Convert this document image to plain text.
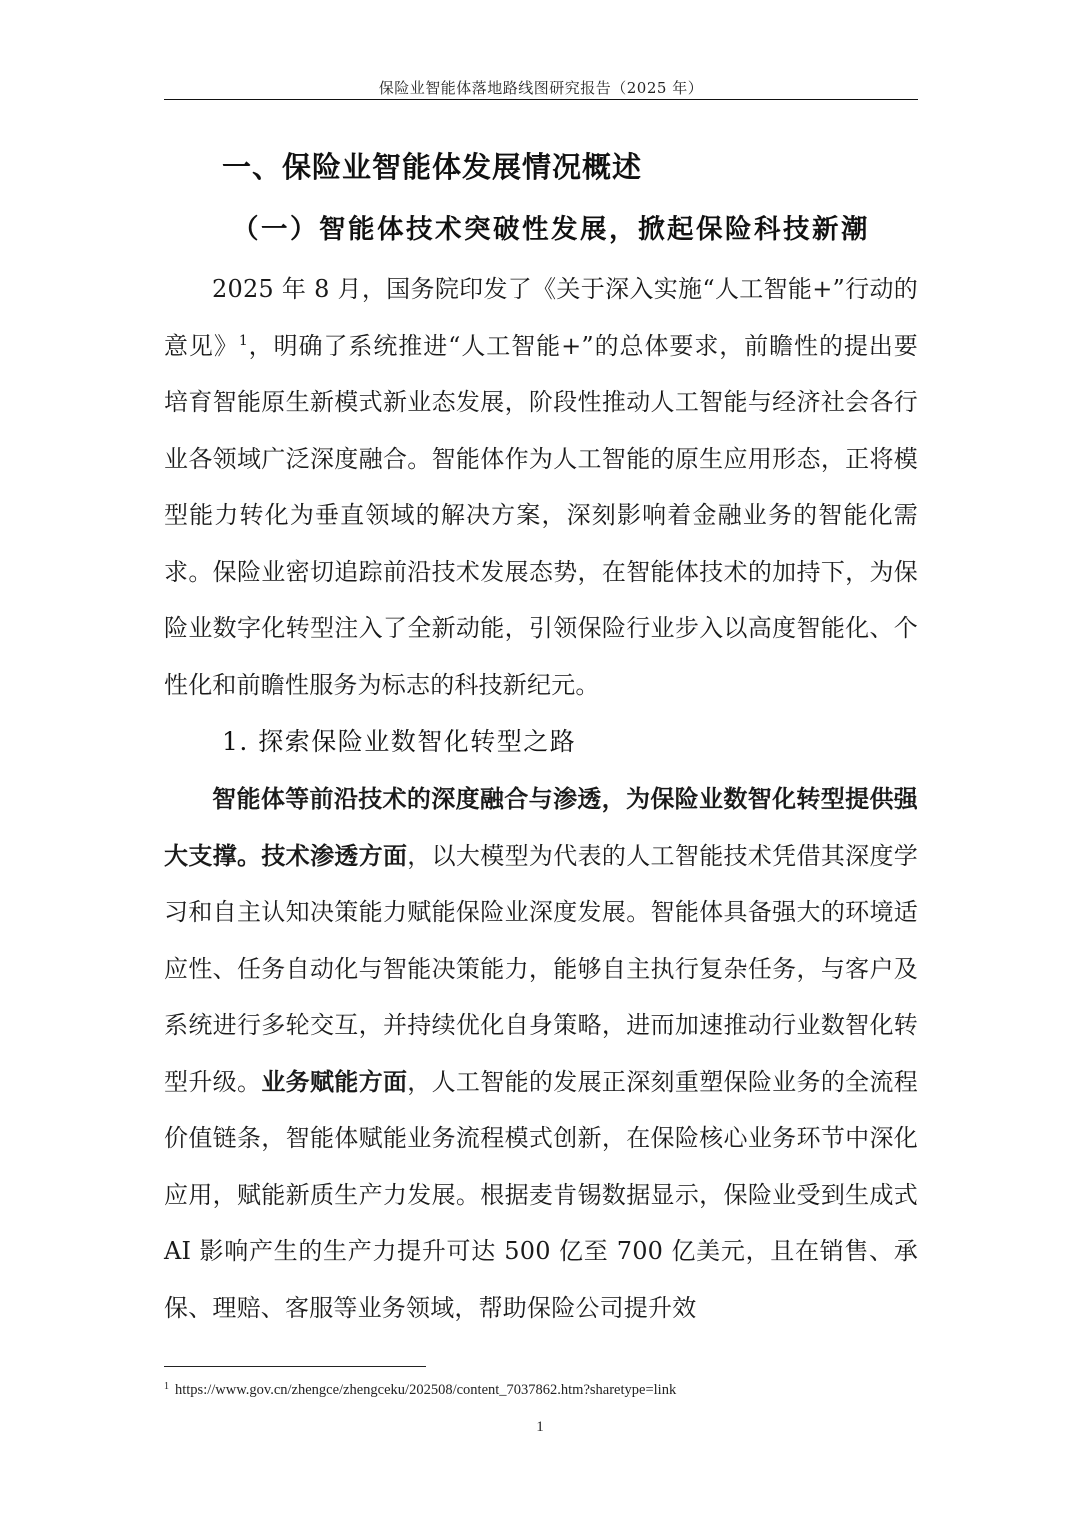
保险业智能体落地路线图研究报告（2025 年）
一、保险业智能体发展情况概述
（一）智能体技术突破性发展，掀起保险科技新潮
2025 年 8 月，国务院印发了《关于深入实施“人工智能+”行动的意见》$^1$，明确了系统推进“人工智能+”的总体要求，前瞻性的提出要培育智能原生新模式新业态发展，阶段性推动人工智能与经济社会各行业各领域广泛深度融合。智能体作为人工智能的原生应用形态，正将模型能力转化为垂直领域的解决方案，深刻影响着金融业务的智能化需求。保险业密切追踪前沿技术发展态势，在智能体技术的加持下，为保险业数字化转型注入了全新动能，引领保险行业步入以高度智能化、个性化和前瞻性服务为标志的科技新纪元。
1. 探索保险业数智化转型之路
智能体等前沿技术的深度融合与渗透，为保险业数智化转型提供强大支撑。技术渗透方面，以大模型为代表的人工智能技术凭借其深度学习和自主认知决策能力赋能保险业深度发展。智能体具备强大的环境适应性、任务自动化与智能决策能力，能够自主执行复杂任务，与客户及系统进行多轮交互，并持续优化自身策略，进而加速推动行业数智化转型升级。业务赋能方面，人工智能的发展正深刻重塑保险业务的全流程价值链条，智能体赋能业务流程模式创新，在保险核心业务环节中深化应用，赋能新质生产力发展。根据麦肯锡数据显示，保险业受到生成式 AI 影响产生的生产力提升可达 500 亿至 700 亿美元，且在销售、承保、理赔、客服等业务领域，帮助保险公司提升效
$^1$ https://www.gov.cn/zhengce/zhengceku/202508/content_7037862.htm?sharetype=link
1
